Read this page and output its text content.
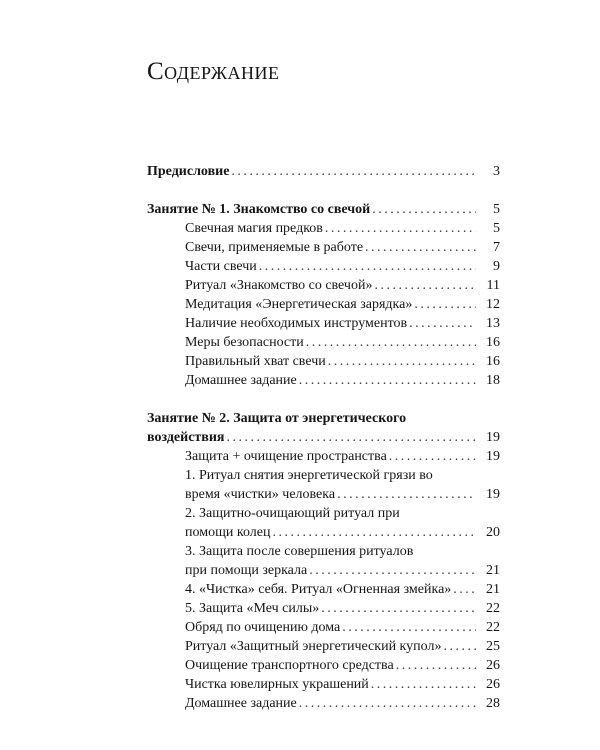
Содержание
Предисловие . . .	3
Занятие № 1. Знакомство со свечой . . .	5
Свечная магия предков . . .	5
Свечи, применяемые в работе . . .	7
Части свечи . . .	9
Ритуал «Знакомство со свечой» . . .	11
Медитация «Энергетическая зарядка» . . .	12
Наличие необходимых инструментов . . .	13
Меры безопасности . . .	16
Правильный хват свечи . . .	16
Домашнее задание . . .	18
Занятие № 2. Защита от энергетического
воздействия . . .	19
Защита + очищение пространства . . .	19
1. Ритуал снятия энергетической грязи во
время «чистки» человека . . .	19
2. Защитно-очищающий ритуал при
помощи колец . . .	20
3. Защита после совершения ритуалов
при помощи зеркала . . .	21
4. «Чистка» себя. Ритуал «Огненная змейка» . . .	21
5. Защита «Меч силы» . . .	22
Обряд по очищению дома . . .	22
Ритуал «Защитный энергетический купол» . . .	25
Очищение транспортного средства . . .	26
Чистка ювелирных украшений . . .	26
Домашнее задание . . .	28
